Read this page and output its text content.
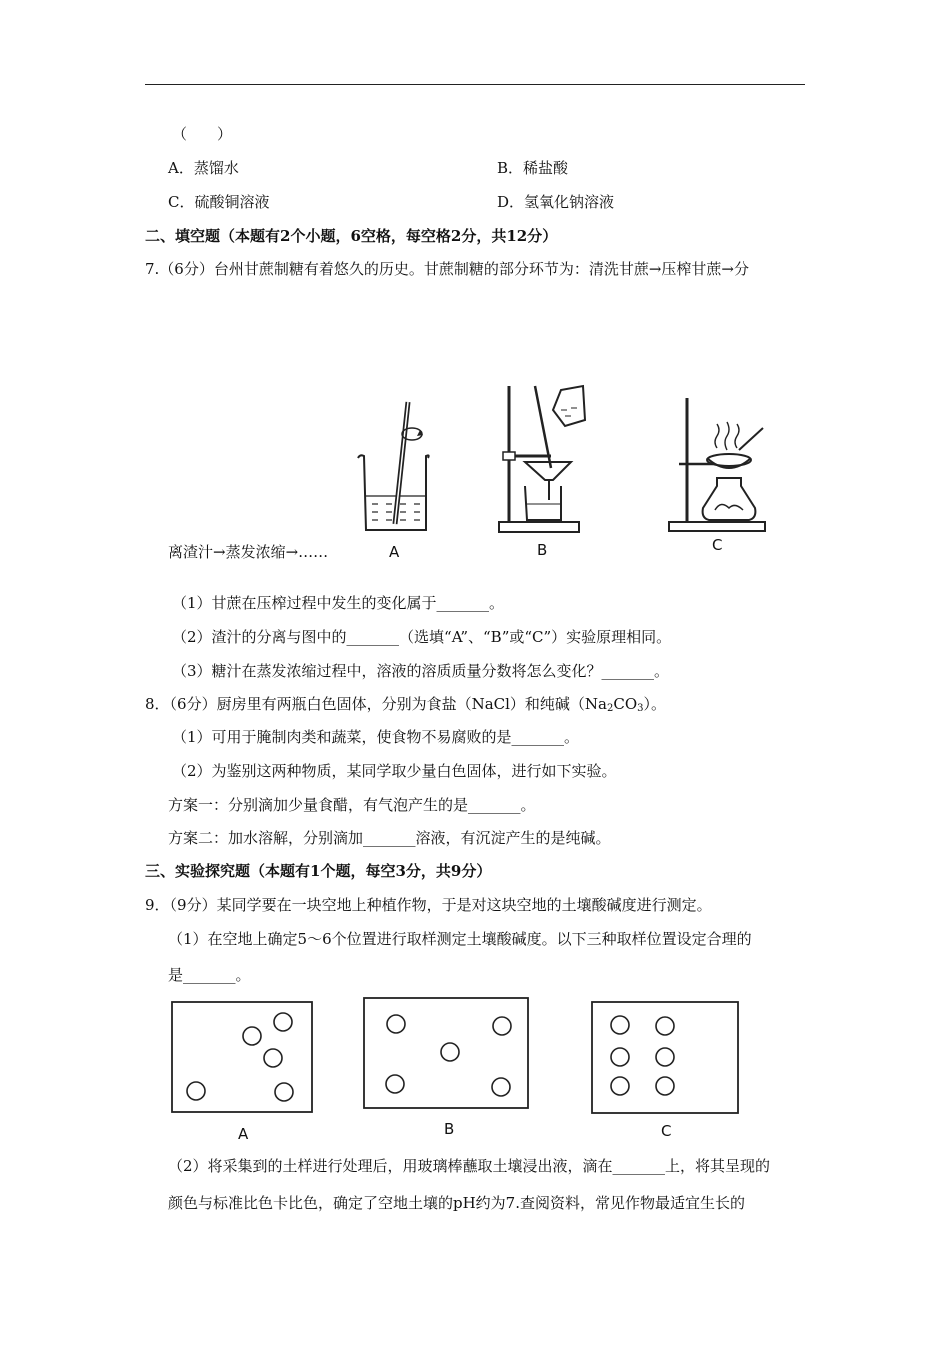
（　　）
A．蒸馏水	B．稀盐酸
C．硫酸铜溶液	D．氢氧化钠溶液
二、填空题（本题有2个小题，6空格，每空格2分，共12分）
7.（6分）台州甘蔗制糖有着悠久的历史。甘蔗制糖的部分环节为：清洗甘蔗→压榨甘蔗→分
A	B	C
离渣汁→蒸发浓缩→……
（1）甘蔗在压榨过程中发生的变化属于_______。
（2）渣汁的分离与图中的_______（选填“A”、“B”或“C”）实验原理相同。
（3）糖汁在蒸发浓缩过程中，溶液的溶质质量分数将怎么变化？_______。
8．（6分）厨房里有两瓶白色固体，分别为食盐（NaCl）和纯碱$(Na_2CO_3)$。
（1）可用于腌制肉类和蔬菜，使食物不易腐败的是_______。
（2）为鉴别这两种物质，某同学取少量白色固体，进行如下实验。
方案一：分别滴加少量食醋，有气泡产生的是_______。
方案二：加水溶解，分别滴加_______溶液，有沉淀产生的是纯碱。
三、实验探究题（本题有1个题，每空3分，共9分）
9．（9分）某同学要在一块空地上种植作物，于是对这块空地的土壤酸碱度进行测定。
（1）在空地上确定5～6个位置进行取样测定土壤酸碱度。以下三种取样位置设定合理的
是_______。
A	B	C
（2）将采集到的土样进行处理后，用玻璃棒蘸取土壤浸出液，滴在_______上，将其呈现的
颜色与标准比色卡比色，确定了空地土壤的pH约为7.查阅资料，常见作物最适宜生长的
